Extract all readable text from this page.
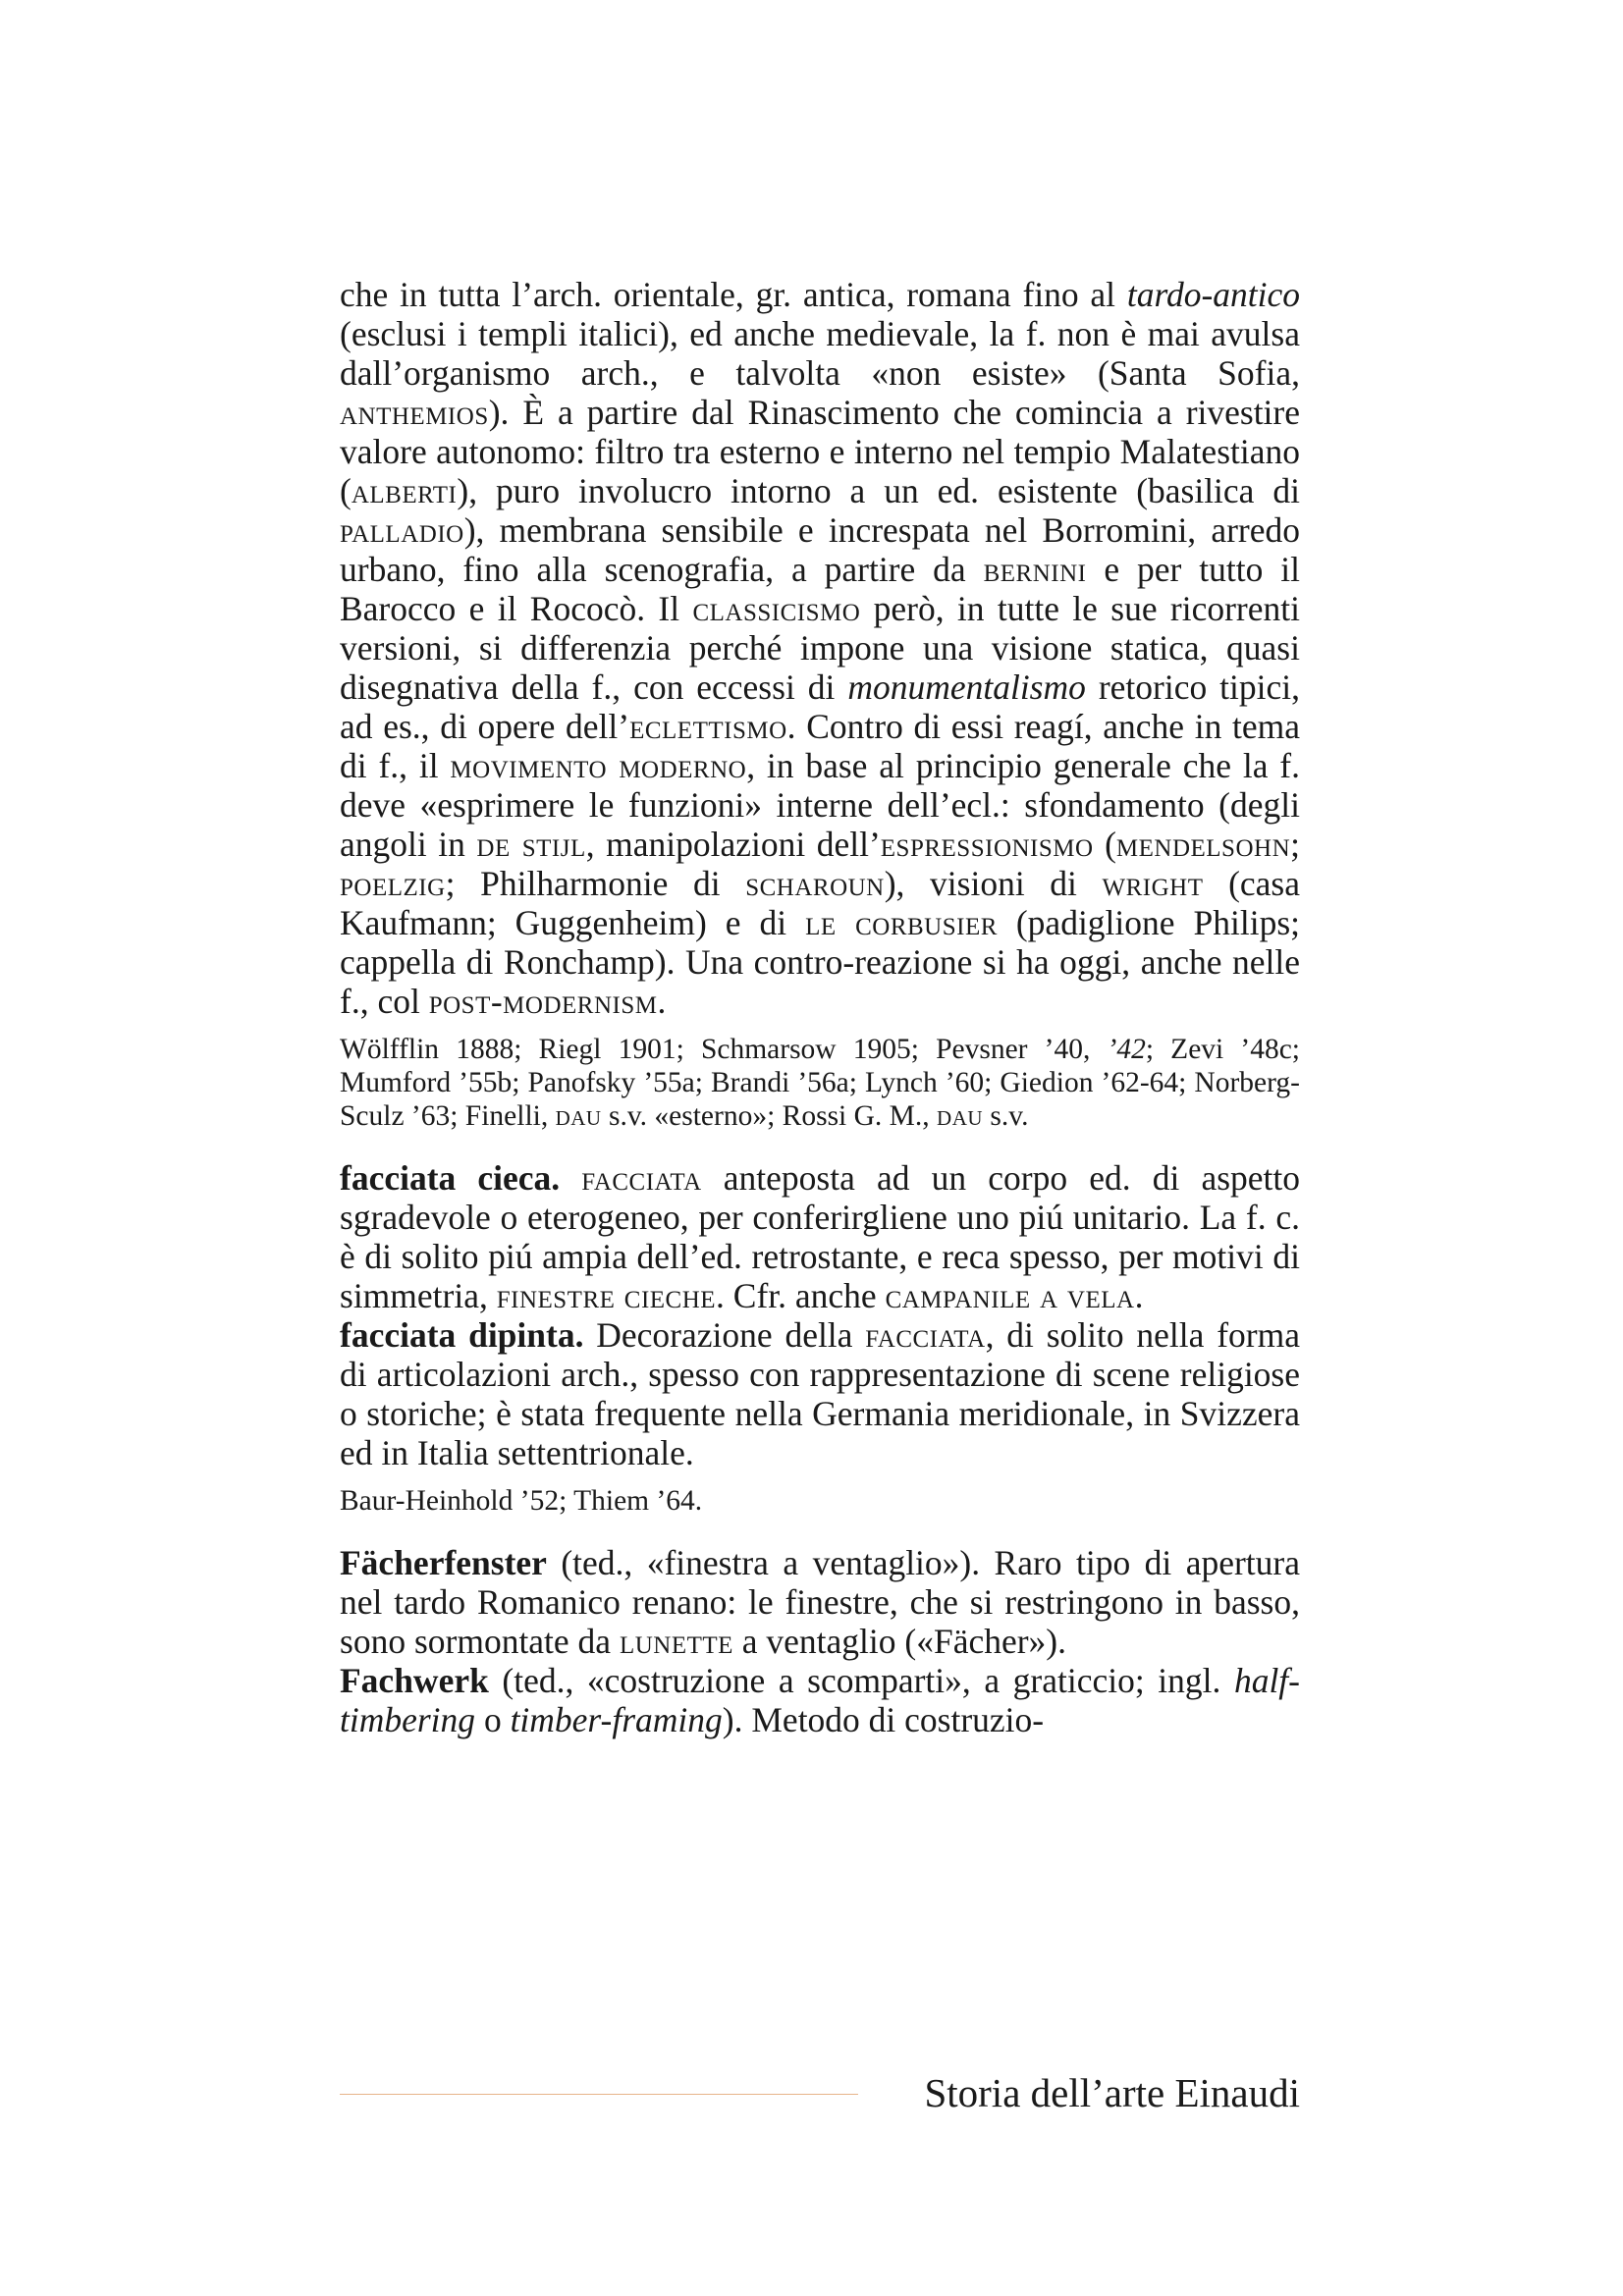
che in tutta l’arch. orientale, gr. antica, romana fino al tardo-antico (esclusi i templi italici), ed anche medievale, la f. non è mai avulsa dall’organismo arch., e talvolta «non esiste» (Santa Sofia, anthemios). È a partire dal Rinascimento che comincia a rivestire valore autonomo: filtro tra esterno e interno nel tempio Malatestiano (alberti), puro involucro intorno a un ed. esistente (basilica di palladio), membrana sensibile e increspata nel Borromini, arredo urbano, fino alla scenografia, a partire da bernini e per tutto il Barocco e il Rococò. Il classicismo però, in tutte le sue ricorrenti versioni, si differenzia perché impone una visione statica, quasi disegnativa della f., con eccessi di monumentalismo retorico tipici, ad es., di opere dell’eclettismo. Contro di essi reagí, anche in tema di f., il movimento moderno, in base al principio generale che la f. deve «esprimere le funzioni» interne dell’ecl.: sfondamento (degli angoli in de stijl, manipolazioni dell’espressionismo (mendelsohn; poelzig; Philharmonie di scharoun), visioni di wright (casa Kaufmann; Guggenheim) e di le corbusier (padiglione Philips; cappella di Ronchamp). Una contro-reazione si ha oggi, anche nelle f., col post-modernism.

Wölfflin 1888; Riegl 1901; Schmarsow 1905; Pevsner ’40, ’42; Zevi ’48c; Mumford ’55b; Panofsky ’55a; Brandi ’56a; Lynch ’60; Giedion ’62-64; Norberg-Sculz ’63; Finelli, dau s.v. «esterno»; Rossi G. M., dau s.v.

facciata cieca. facciata anteposta ad un corpo ed. di aspetto sgradevole o eterogeneo, per conferirgliene uno piú unitario. La f. c. è di solito piú ampia dell’ed. retrostante, e reca spesso, per motivi di simmetria, finestre cieche. Cfr. anche campanile a vela.

facciata dipinta. Decorazione della facciata, di solito nella forma di articolazioni arch., spesso con rappresentazione di scene religiose o storiche; è stata frequente nella Germania meridionale, in Svizzera ed in Italia settentrionale.

Baur-Heinhold ’52; Thiem ’64.

Fächerfenster (ted., «finestra a ventaglio»). Raro tipo di apertura nel tardo Romanico renano: le finestre, che si restringono in basso, sono sormontate da lunette a ventaglio («Fächer»).

Fachwerk (ted., «costruzione a scomparti», a graticcio; ingl. half-timbering o timber-framing). Metodo di costruzio-

Storia dell’arte Einaudi
